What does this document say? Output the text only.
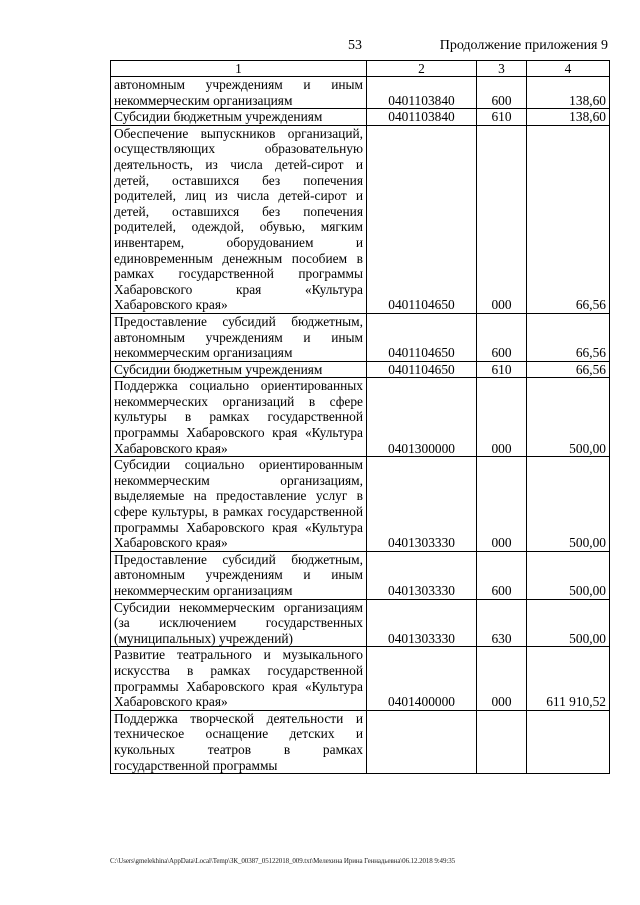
53	Продолжение приложения 9
1	2	3	4
автономным учреждениям и иным некоммерческим организациям	0401103840	600	138,60
Субсидии бюджетным учреждениям	0401103840	610	138,60
Обеспечение выпускников организаций, осуществляющих образовательную деятельность, из числа детей-сирот и детей, оставшихся без попечения родителей, лиц из числа детей-сирот и детей, оставшихся без попечения родителей, одеждой, обувью, мягким инвентарем, оборудованием и единовременным денежным пособием в рамках государственной программы Хабаровского края «Культура Хабаровского края»	0401104650	000	66,56
Предоставление субсидий бюджетным, автономным учреждениям и иным некоммерческим организациям	0401104650	600	66,56
Субсидии бюджетным учреждениям	0401104650	610	66,56
Поддержка социально ориентированных некоммерческих организаций в сфере культуры в рамках государственной программы Хабаровского края «Культура Хабаровского края»	0401300000	000	500,00
Субсидии социально ориентированным некоммерческим организациям, выделяемые на предоставление услуг в сфере культуры, в рамках государственной программы Хабаровского края «Культура Хабаровского края»	0401303330	000	500,00
Предоставление субсидий бюджетным, автономным учреждениям и иным некоммерческим организациям	0401303330	600	500,00
Субсидии некоммерческим организациям (за исключением государственных (муниципальных) учреждений)	0401303330	630	500,00
Развитие театрального и музыкального искусства в рамках государственной программы Хабаровского края «Культура Хабаровского края»	0401400000	000	611 910,52
Поддержка творческой деятельности и техническое оснащение детских и кукольных театров в рамках государственной программы			
C:\Users\gmelekhina\AppData\Local\Temp\ЗК_00387_05122018_009.txt\Мелехина Ирина Геннадьевна\06.12.2018 9:49:35
